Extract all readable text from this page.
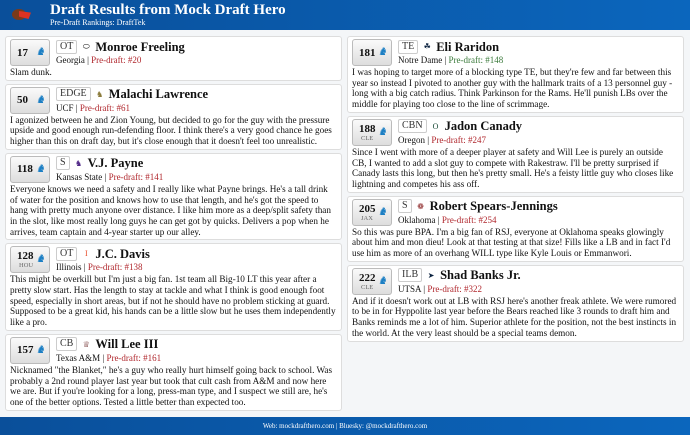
Draft Results from Mock Draft Hero
Pre-Draft Rankings: DraftTek
17 ♞	OT	⬭ Monroe Freeling
Georgia | Pre-draft: #20
Slam dunk.
50 ♞	EDGE	♞ Malachi Lawrence
UCF | Pre-draft: #61
I agonized between he and Zion Young, but decided to go for the guy with the pressure upside and good enough run-defending floor. I think there's a very good chance he goes higher than this on draft day, but it's close enough that it doesn't feel too unrealistic.
118 ♞	S	♞ V.J. Payne
Kansas State | Pre-draft: #141
Everyone knows we need a safety and I really like what Payne brings. He's a tall drink of water for the position and knows how to use that length, and he's got the speed to hang with pretty much anyone over distance. I like him more as a deep/split safety than in the slot, like most really long guys he can get got by quicks. Delivers a pop when he arrives, team captain and 4-year starter up our alley.
128
HOU
♞	OT	I J.C. Davis
Illinois | Pre-draft: #138
This might be overkill but I'm just a big fan. 1st team all Big-10 LT this year after a pretty slow start. Has the length to stay at tackle and what I think is good enough foot speed, especially in short areas, but if not he should have no problem sticking at guard. Supposed to be a great kid, his hands can be a little slow but he uses them independently like a pro.
157 ♞	CB	♕ Will Lee III
Texas A&M | Pre-draft: #161
Nicknamed "the Blanket," he's a guy who really hurt himself going back to school. Was probably a 2nd round player last year but took that cult cash from A&M and now here we are. But if you're looking for a long, press-man type, and I suspect we still are, he's one of the better options. Tested a little better than expected too.
181 ♞	TE	☘ Eli Raridon
Notre Dame | Pre-draft: #148
I was hoping to target more of a blocking type TE, but they're few and far between this year so instead I pivoted to another guy with the hallmark traits of a 13 personnel guy - long with a big catch radius. Think Parkinson for the Rams. He'll punish LBs over the middle for playing too close to the line of scrimmage.
188
CLE
♞	CBN	O Jadon Canady
Oregon | Pre-draft: #247
Since I went with more of a deeper player at safety and Will Lee is purely an outside CB, I wanted to add a slot guy to compete with Rakestraw. I'll be pretty surprised if Canady lasts this long, but then he's pretty small. He's a feisty little guy who closes like lightning and competes his ass off.
205
JAX
♞	S	❁ Robert Spears-Jennings
Oklahoma | Pre-draft: #254
So this was pure BPA. I'm a big fan of RSJ, everyone at Oklahoma speaks glowingly about him and mon dieu! Look at that testing at that size! Fills like a LB and in fact I'd use him as more of an overhang WILL type like Kyle Louis or Emmanwori.
222
CLE
♞	ILB	➤ Shad Banks Jr.
UTSA | Pre-draft: #322
And if it doesn't work out at LB with RSJ here's another freak athlete. We were rumored to be in for Hyppolite last year before the Bears reached like 3 rounds to draft him and Banks reminds me a lot of him. Superior athlete for the position, not the best instincts in the world. At the very least should be a special teams demon.
Web: mockdrafthero.com | Bluesky: @mockdrafthero.com
